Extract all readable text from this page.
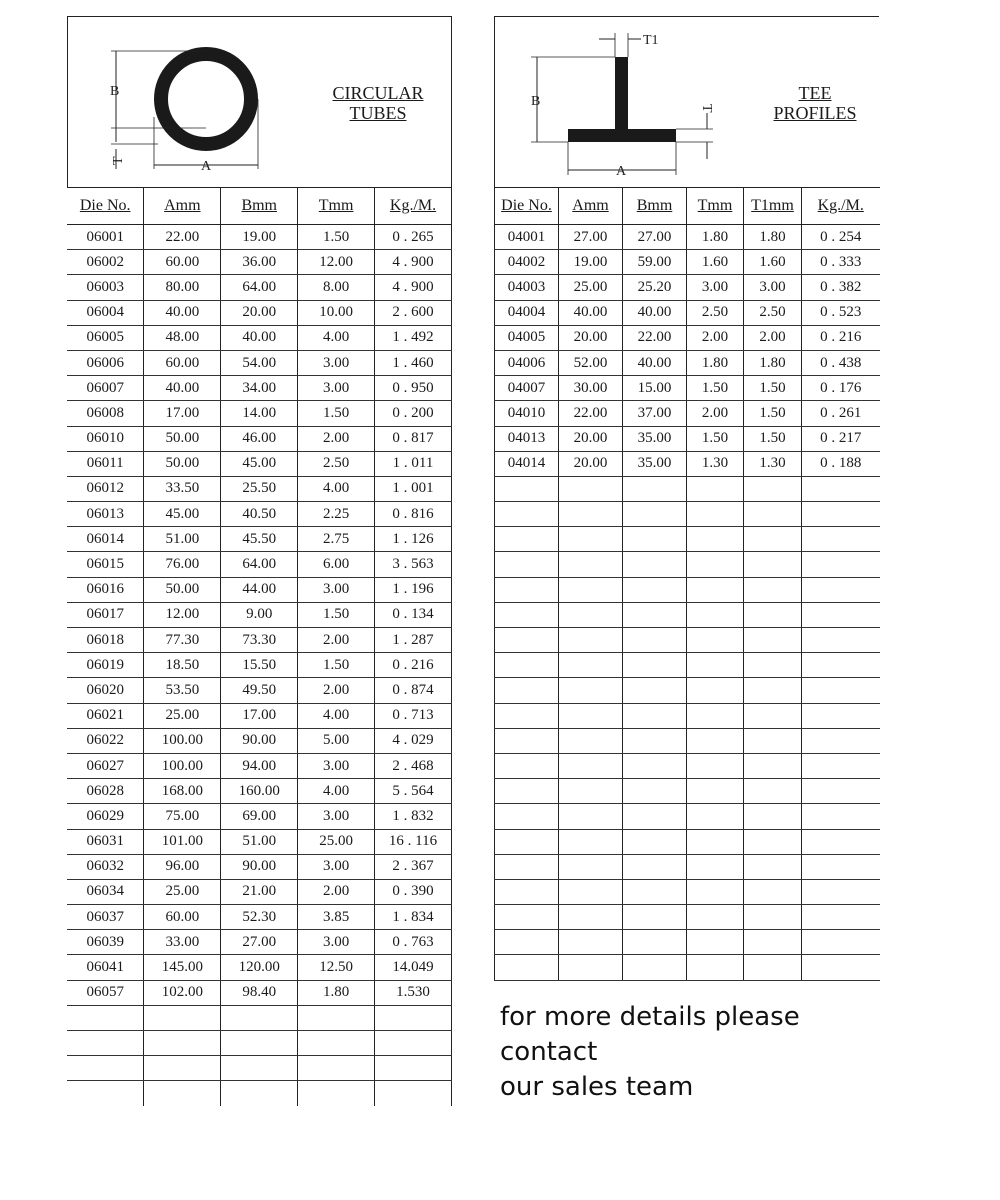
B
T	A
CIRCULAR
TUBES
Die No.	Amm	Bmm	Tmm	Kg./M.
06001	22.00	19.00	1.50	0 . 265
06002	60.00	36.00	12.00	4 . 900
06003	80.00	64.00	8.00	4 . 900
06004	40.00	20.00	10.00	2 . 600
06005	48.00	40.00	4.00	1 . 492
06006	60.00	54.00	3.00	1 . 460
06007	40.00	34.00	3.00	0 . 950
06008	17.00	14.00	1.50	0 . 200
06010	50.00	46.00	2.00	0 . 817
06011	50.00	45.00	2.50	1 . 011
06012	33.50	25.50	4.00	1 . 001
06013	45.00	40.50	2.25	0 . 816
06014	51.00	45.50	2.75	1 . 126
06015	76.00	64.00	6.00	3 . 563
06016	50.00	44.00	3.00	1 . 196
06017	12.00	9.00	1.50	0 . 134
06018	77.30	73.30	2.00	1 . 287
06019	18.50	15.50	1.50	0 . 216
06020	53.50	49.50	2.00	0 . 874
06021	25.00	17.00	4.00	0 . 713
06022	100.00	90.00	5.00	4 . 029
06027	100.00	94.00	3.00	2 . 468
06028	168.00	160.00	4.00	5 . 564
06029	75.00	69.00	3.00	1 . 832
06031	101.00	51.00	25.00	16 . 116
06032	96.00	90.00	3.00	2 . 367
06034	25.00	21.00	2.00	0 . 390
06037	60.00	52.30	3.85	1 . 834
06039	33.00	27.00	3.00	0 . 763
06041	145.00	120.00	12.50	14.049
06057	102.00	98.40	1.80	1.530

T1
B	T
A
TEE
PROFILES
Die No.	Amm	Bmm	Tmm	T1mm	Kg./M.
04001	27.00	27.00	1.80	1.80	0 . 254
04002	19.00	59.00	1.60	1.60	0 . 333
04003	25.00	25.20	3.00	3.00	0 . 382
04004	40.00	40.00	2.50	2.50	0 . 523
04005	20.00	22.00	2.00	2.00	0 . 216
04006	52.00	40.00	1.80	1.80	0 . 438
04007	30.00	15.00	1.50	1.50	0 . 176
04010	22.00	37.00	2.00	1.50	0 . 261
04013	20.00	35.00	1.50	1.50	0 . 217
04014	20.00	35.00	1.30	1.30	0 . 188

for more details please contact
our sales team
